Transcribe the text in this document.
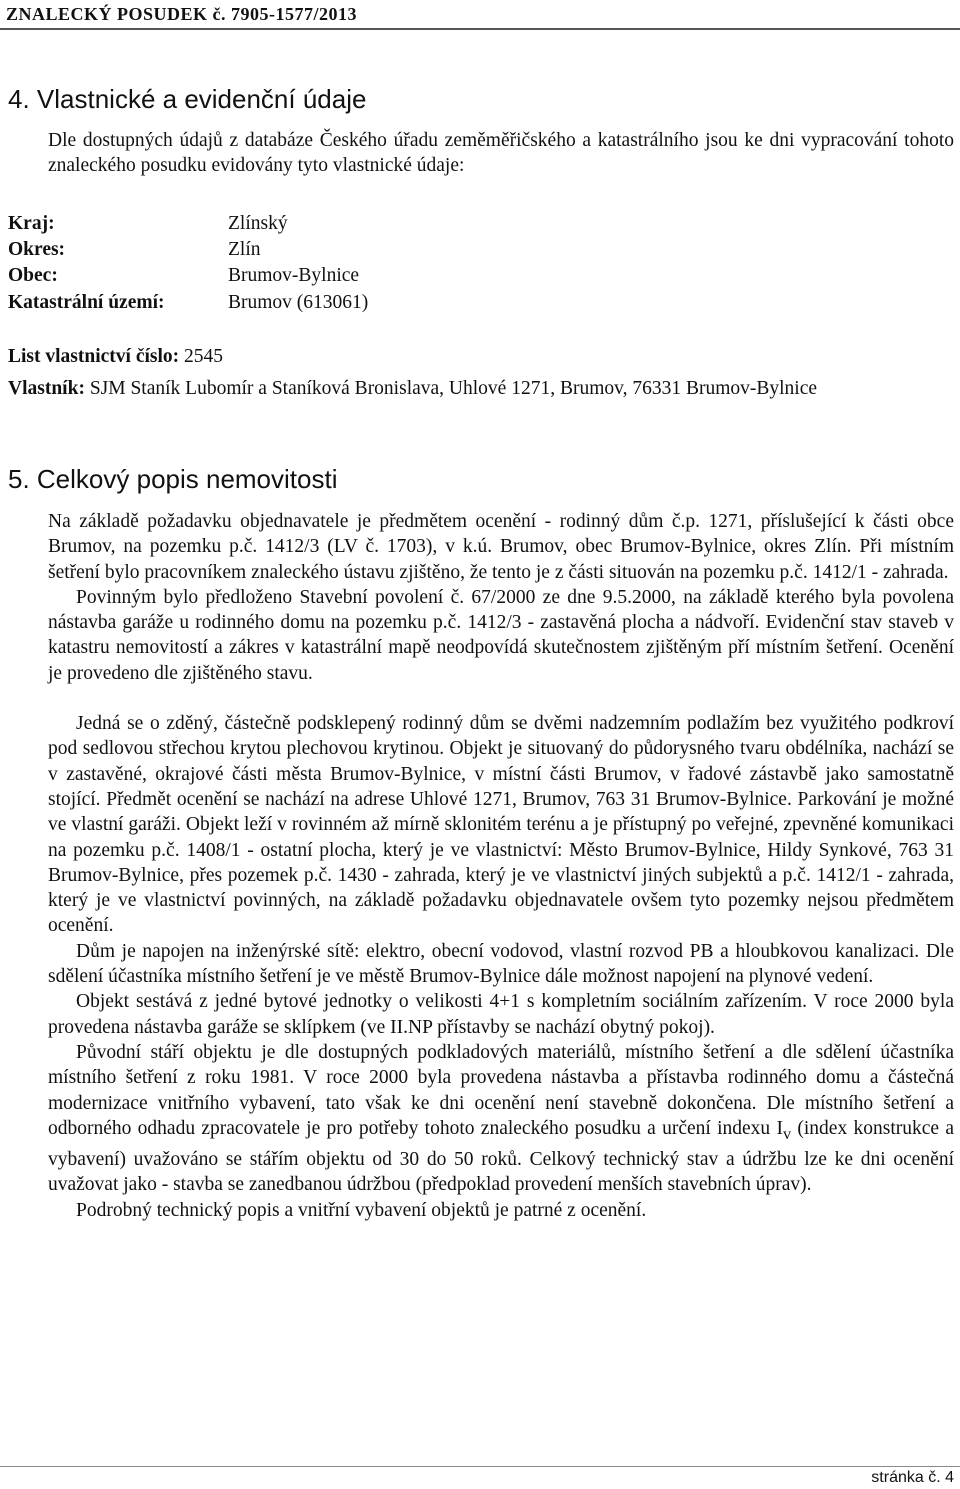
ZNALECKÝ POSUDEK č. 7905-1577/2013
4. Vlastnické a evidenční údaje
Dle dostupných údajů z databáze Českého úřadu zeměměřičského a katastrálního jsou ke dni vypracování tohoto znaleckého posudku evidovány tyto vlastnické údaje:
Kraj:	Zlínský
Okres:	Zlín
Obec:	Brumov-Bylnice
Katastrální území:	Brumov (613061)
List vlastnictví číslo: 2545
Vlastník: SJM Staník Lubomír a Staníková Bronislava, Uhlové 1271, Brumov, 76331 Brumov-Bylnice
5. Celkový popis nemovitosti

Na základě požadavku objednavatele je předmětem ocenění - rodinný dům č.p. 1271, příslušející k části obce Brumov, na pozemku p.č. 1412/3 (LV č. 1703), v k.ú. Brumov, obec Brumov-Bylnice, okres Zlín. Při místním šetření bylo pracovníkem znaleckého ústavu zjištěno, že tento je z části situován na pozemku p.č. 1412/1 - zahrada.

Povinným bylo předloženo Stavební povolení č. 67/2000 ze dne 9.5.2000, na základě kterého byla povolena nástavba garáže u rodinného domu na pozemku p.č. 1412/3 - zastavěná plocha a nádvoří. Evidenční stav staveb v katastru nemovitostí a zákres v katastrální mapě neodpovídá skutečnostem zjištěným pří místním šetření. Ocenění je provedeno dle zjištěného stavu.

Jedná se o zděný, částečně podsklepený rodinný dům se dvěmi nadzemním podlažím bez využitého podkroví pod sedlovou střechou krytou plechovou krytinou. Objekt je situovaný do půdorysného tvaru obdélníka, nachází se v zastavěné, okrajové části města Brumov-Bylnice, v místní části Brumov, v řadové zástavbě jako samostatně stojící. Předmět ocenění se nachází na adrese Uhlové 1271, Brumov, 763 31 Brumov-Bylnice. Parkování je možné ve vlastní garáži. Objekt leží v rovinném až mírně sklonitém terénu a je přístupný po veřejné, zpevněné komunikaci na pozemku p.č. 1408/1 - ostatní plocha, který je ve vlastnictví: Město Brumov-Bylnice, Hildy Synkové, 763 31 Brumov-Bylnice, přes pozemek p.č. 1430 - zahrada, který je ve vlastnictví jiných subjektů a p.č. 1412/1 - zahrada, který je ve vlastnictví povinných, na základě požadavku objednavatele ovšem tyto pozemky nejsou předmětem ocenění.

Dům je napojen na inženýrské sítě: elektro, obecní vodovod, vlastní rozvod PB a hloubkovou kanalizaci. Dle sdělení účastníka místního šetření je ve městě Brumov-Bylnice dále možnost napojení na plynové vedení.

Objekt sestává z jedné bytové jednotky o velikosti 4+1 s kompletním sociálním zařízením. V roce 2000 byla provedena nástavba garáže se sklípkem (ve II.NP přístavby se nachází obytný pokoj).

Původní stáří objektu je dle dostupných podkladových materiálů, místního šetření a dle sdělení účastníka místního šetření z roku 1981. V roce 2000 byla provedena nástavba a přístavba rodinného domu a částečná modernizace vnitřního vybavení, tato však ke dni ocenění není stavebně dokončena. Dle místního šetření a odborného odhadu zpracovatele je pro potřeby tohoto znaleckého posudku a určení indexu $I_v$ (index konstrukce a vybavení) uvažováno se stářím objektu od 30 do 50 roků. Celkový technický stav a údržbu lze ke dni ocenění uvažovat jako - stavba se zanedbanou údržbou (předpoklad provedení menších stavebních úprav).

Podrobný technický popis a vnitřní vybavení objektů je patrné z ocenění.

stránka č. 4
